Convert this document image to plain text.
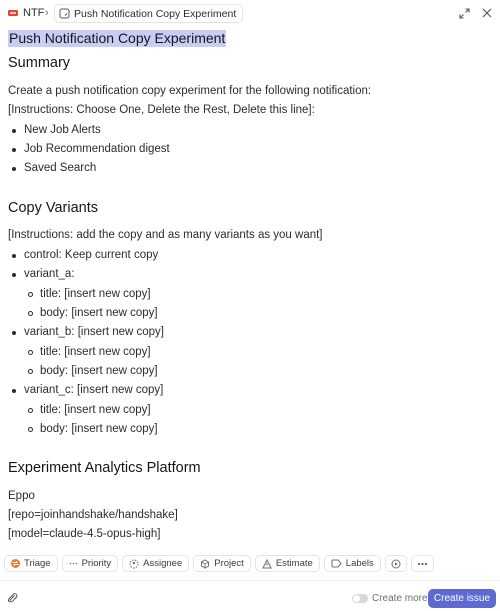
NTF › Push Notification Copy Experiment
Push Notification Copy Experiment
Summary
Create a push notification copy experiment for the following notification:
[Instructions: Choose One, Delete the Rest, Delete this line]:
New Job Alerts
Job Recommendation digest
Saved Search
Copy Variants
[Instructions: add the copy and as many variants as you want]
control: Keep current copy
variant_a:
title: [insert new copy]
body: [insert new copy]
variant_b: [insert new copy]
title: [insert new copy]
body: [insert new copy]
variant_c: [insert new copy]
title: [insert new copy]
body: [insert new copy]
Experiment Analytics Platform
Eppo
[repo=joinhandshake/handshake]
[model=claude-4.5-opus-high]
Triage	Priority	Assignee	Project	Estimate	Labels
Create more Create issue
